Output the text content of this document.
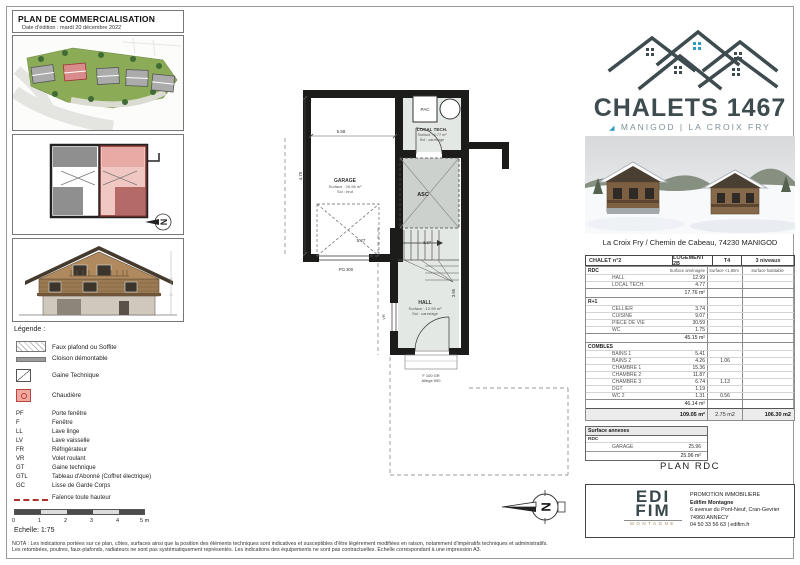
PLAN DE COMMERCIALISATION
Date d'édition : mardi 20 décembre 2022
N
Légende :
Faux plafond ou Soffite
Cloison démontable
Gaine Technique
Chaudière
PF	Porte fenêtre
F	Fenêtre
LL	Lave linge
LV	Lave vaisselle
FR	Réfrigérateur
VR	Volet roulant
GT	Gaine technique
GTL	Tableau d'Abonné (Coffret électrique)
GC	Lisse de Garde Corps
Faïence toute hauteur
0	1	2	3	4	5 m
Echelle: 1:75
ASC
VR
F 100 GR
Allège 900
PAC
LOCAL TECH.
Surface : 4.77 m²
Sol : carrelage
GARAGE
Surface : 25.96 m²
Sol : brut
HALL
Surface : 12.99 m²
Sol : carrelage
5.58
4.75
5.27
PO.300
1.37
3.95
N
CHALETS 1467
◢ MANIGOD | LA CROIX FRY
La Croix Fry / Chemin de Cabeau, 74230 MANIGOD
CHALET n°2	LOGEMENT 2B	T4	3 niveaux
RDC	Surface aménagée Surface <1,80m	Surface habitable
HALL	12.99
LOCAL TECH.	4.77
17.76 m²
R+1
CELLIER	3.74
CUISINE	9.07
PIECE DE VIE	30.59
WC	1.75
45.15 m²
COMBLES
BAINS 1	5.41
BAINS 2	4.26	1.06
CHAMBRE 1	15.36
CHAMBRE 2	11.87
CHAMBRE 3	6.74	1.13
DGT	1.19
WC 2	1.31	0.56
46.14 m²
109.05 m²	2.75 m2	106.30 m2
Surface annexes
RDC
GARAGE	25.96
25.96 m²
PLAN RDC
EDI
FIM
MONTAGNE
PROMOTION IMMOBILIERE
Edifim Montagne
6 avenue du Pont-Neuf, Cran-Gevrier
74960 ANNECY
04 50 33 56 63 | edifim.fr
NOTA : Les indications portées sur ce plan, côtes, surfaces ainsi que la position des éléments techniques sont indicatives et susceptibles d'être légèrement modifiées en raison, notamment d'impératifs techniques et administratifs.
Les retombées, poutres, faux-plafonds, radiateurs ne sont pas systématiquement représentés. Les indications des équipements ne sont pas contractuelles. Echelle correspondant à une impression A3.
